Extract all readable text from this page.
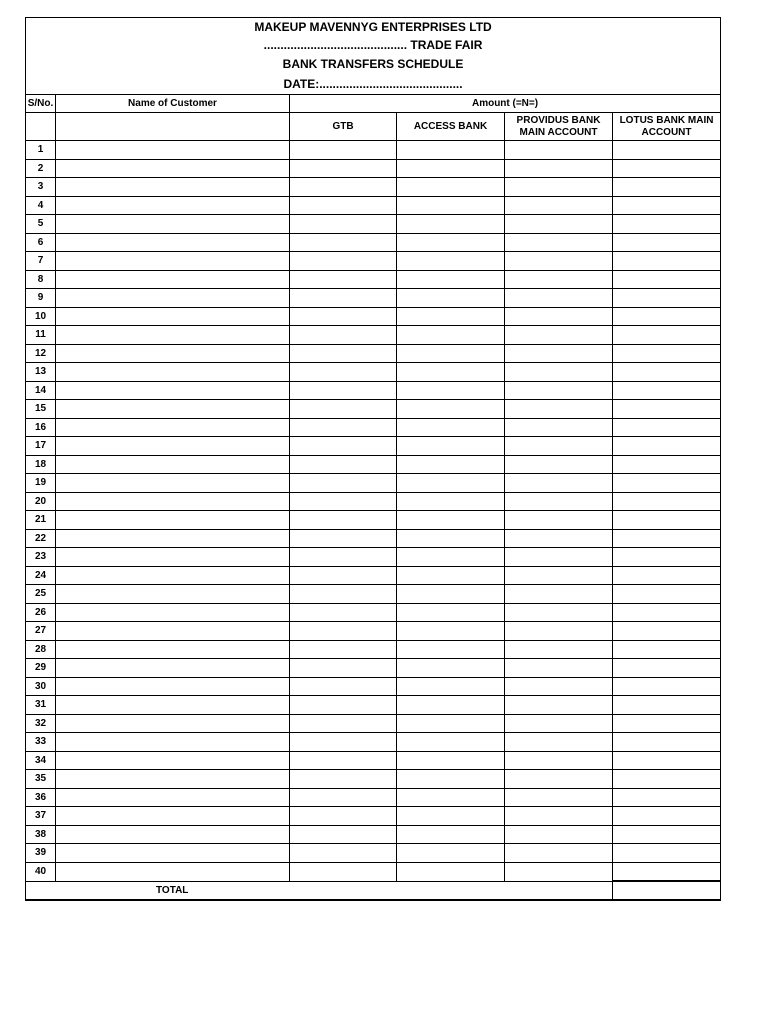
MAKEUP MAVENNYG ENTERPRISES LTD					
........................................... TRADE FAIR					
BANK TRANSFERS SCHEDULE					
DATE:...........................................					
S/No.	Name of Customer	Amount (=N=)			
		GTB	ACCESS BANK	PROVIDUS BANK MAIN ACCOUNT	LOTUS BANK MAIN ACCOUNT
1					
2					
3					
4					
5					
6					
7					
8					
9					
10					
11					
12					
13					
14					
15					
16					
17					
18					
19					
20					
21					
22					
23					
24					
25					
26					
27					
28					
29					
30					
31					
32					
33					
34					
35					
36					
37					
38					
39					
40					
TOTAL					
